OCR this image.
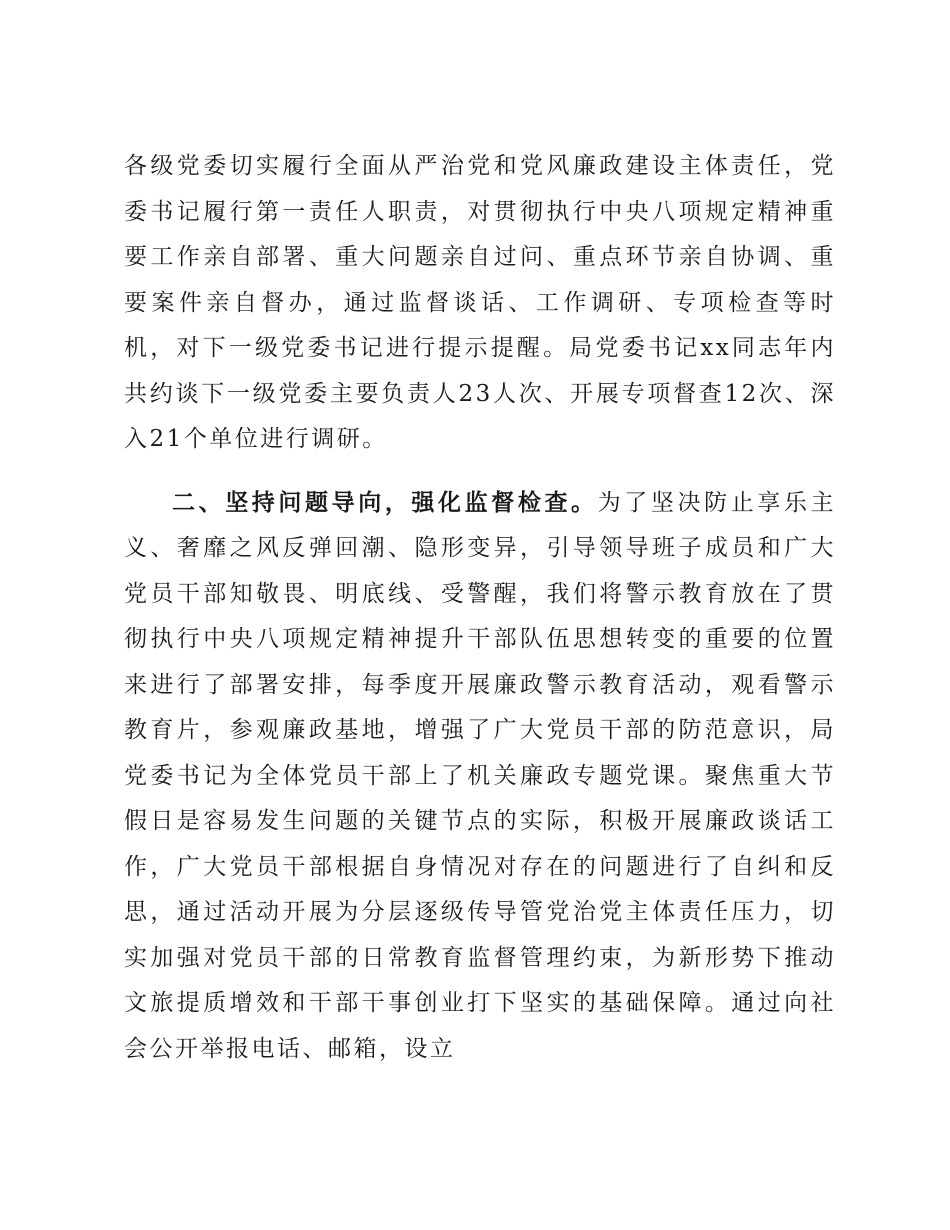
各级党委切实履行全面从严治党和党风廉政建设主体责任，党委书记履行第一责任人职责，对贯彻执行中央八项规定精神重要工作亲自部署、重大问题亲自过问、重点环节亲自协调、重要案件亲自督办，通过监督谈话、工作调研、专项检查等时机，对下一级党委书记进行提示提醒。局党委书记xx同志年内共约谈下一级党委主要负责人23人次、开展专项督查12次、深入21个单位进行调研。

二、坚持问题导向，强化监督检查。为了坚决防止享乐主义、奢靡之风反弹回潮、隐形变异，引导领导班子成员和广大党员干部知敬畏、明底线、受警醒，我们将警示教育放在了贯彻执行中央八项规定精神提升干部队伍思想转变的重要的位置来进行了部署安排，每季度开展廉政警示教育活动，观看警示教育片，参观廉政基地，增强了广大党员干部的防范意识，局党委书记为全体党员干部上了机关廉政专题党课。聚焦重大节假日是容易发生问题的关键节点的实际，积极开展廉政谈话工作，广大党员干部根据自身情况对存在的问题进行了自纠和反思，通过活动开展为分层逐级传导管党治党主体责任压力，切实加强对党员干部的日常教育监督管理约束，为新形势下推动文旅提质增效和干部干事创业打下坚实的基础保障。通过向社会公开举报电话、邮箱，设立
